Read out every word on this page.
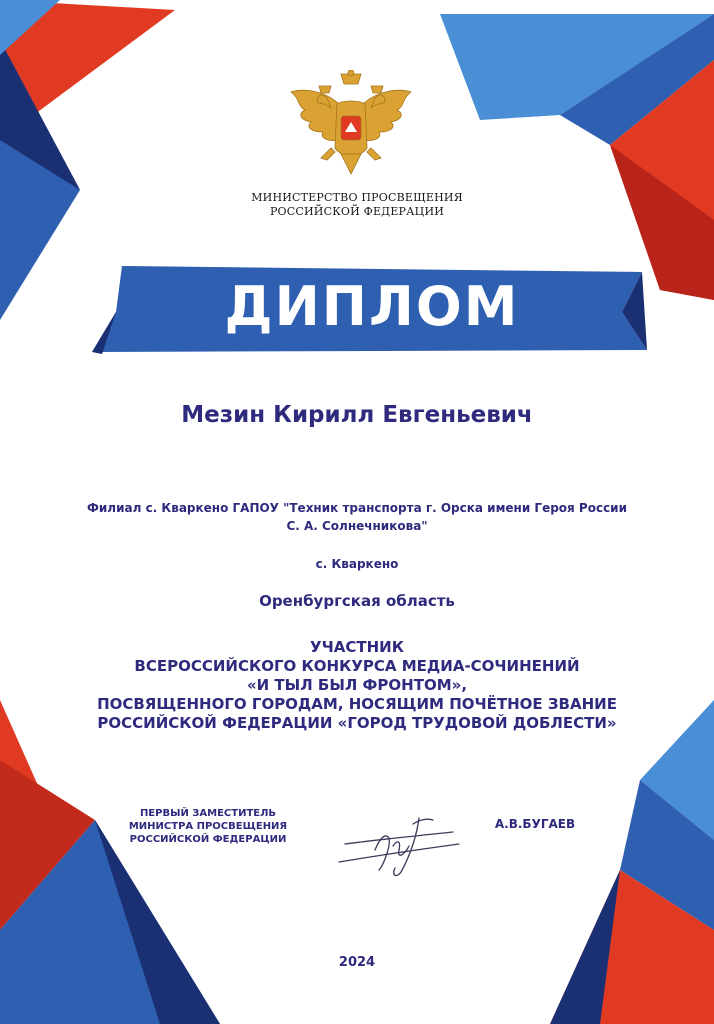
МИНИСТЕРСТВО ПРОСВЕЩЕНИЯ
РОССИЙСКОЙ ФЕДЕРАЦИИ
ДИПЛОМ
Мезин Кирилл Евгеньевич
Филиал с. Кваркено ГАПОУ "Техник транспорта г. Орска имени Героя России
С. А. Солнечникова"
с. Кваркено
Оренбургская область
УЧАСТНИК
ВСЕРОССИЙСКОГО КОНКУРСА МЕДИА-СОЧИНЕНИЙ
«И ТЫЛ БЫЛ ФРОНТОМ»,
ПОСВЯЩЕННОГО ГОРОДАМ, НОСЯЩИМ ПОЧЁТНОЕ ЗВАНИЕ
РОССИЙСКОЙ ФЕДЕРАЦИИ «ГОРОД ТРУДОВОЙ ДОБЛЕСТИ»
ПЕРВЫЙ ЗАМЕСТИТЕЛЬ
МИНИСТРА ПРОСВЕЩЕНИЯ
РОССИЙСКОЙ ФЕДЕРАЦИИ
А.В.БУГАЕВ
2024
